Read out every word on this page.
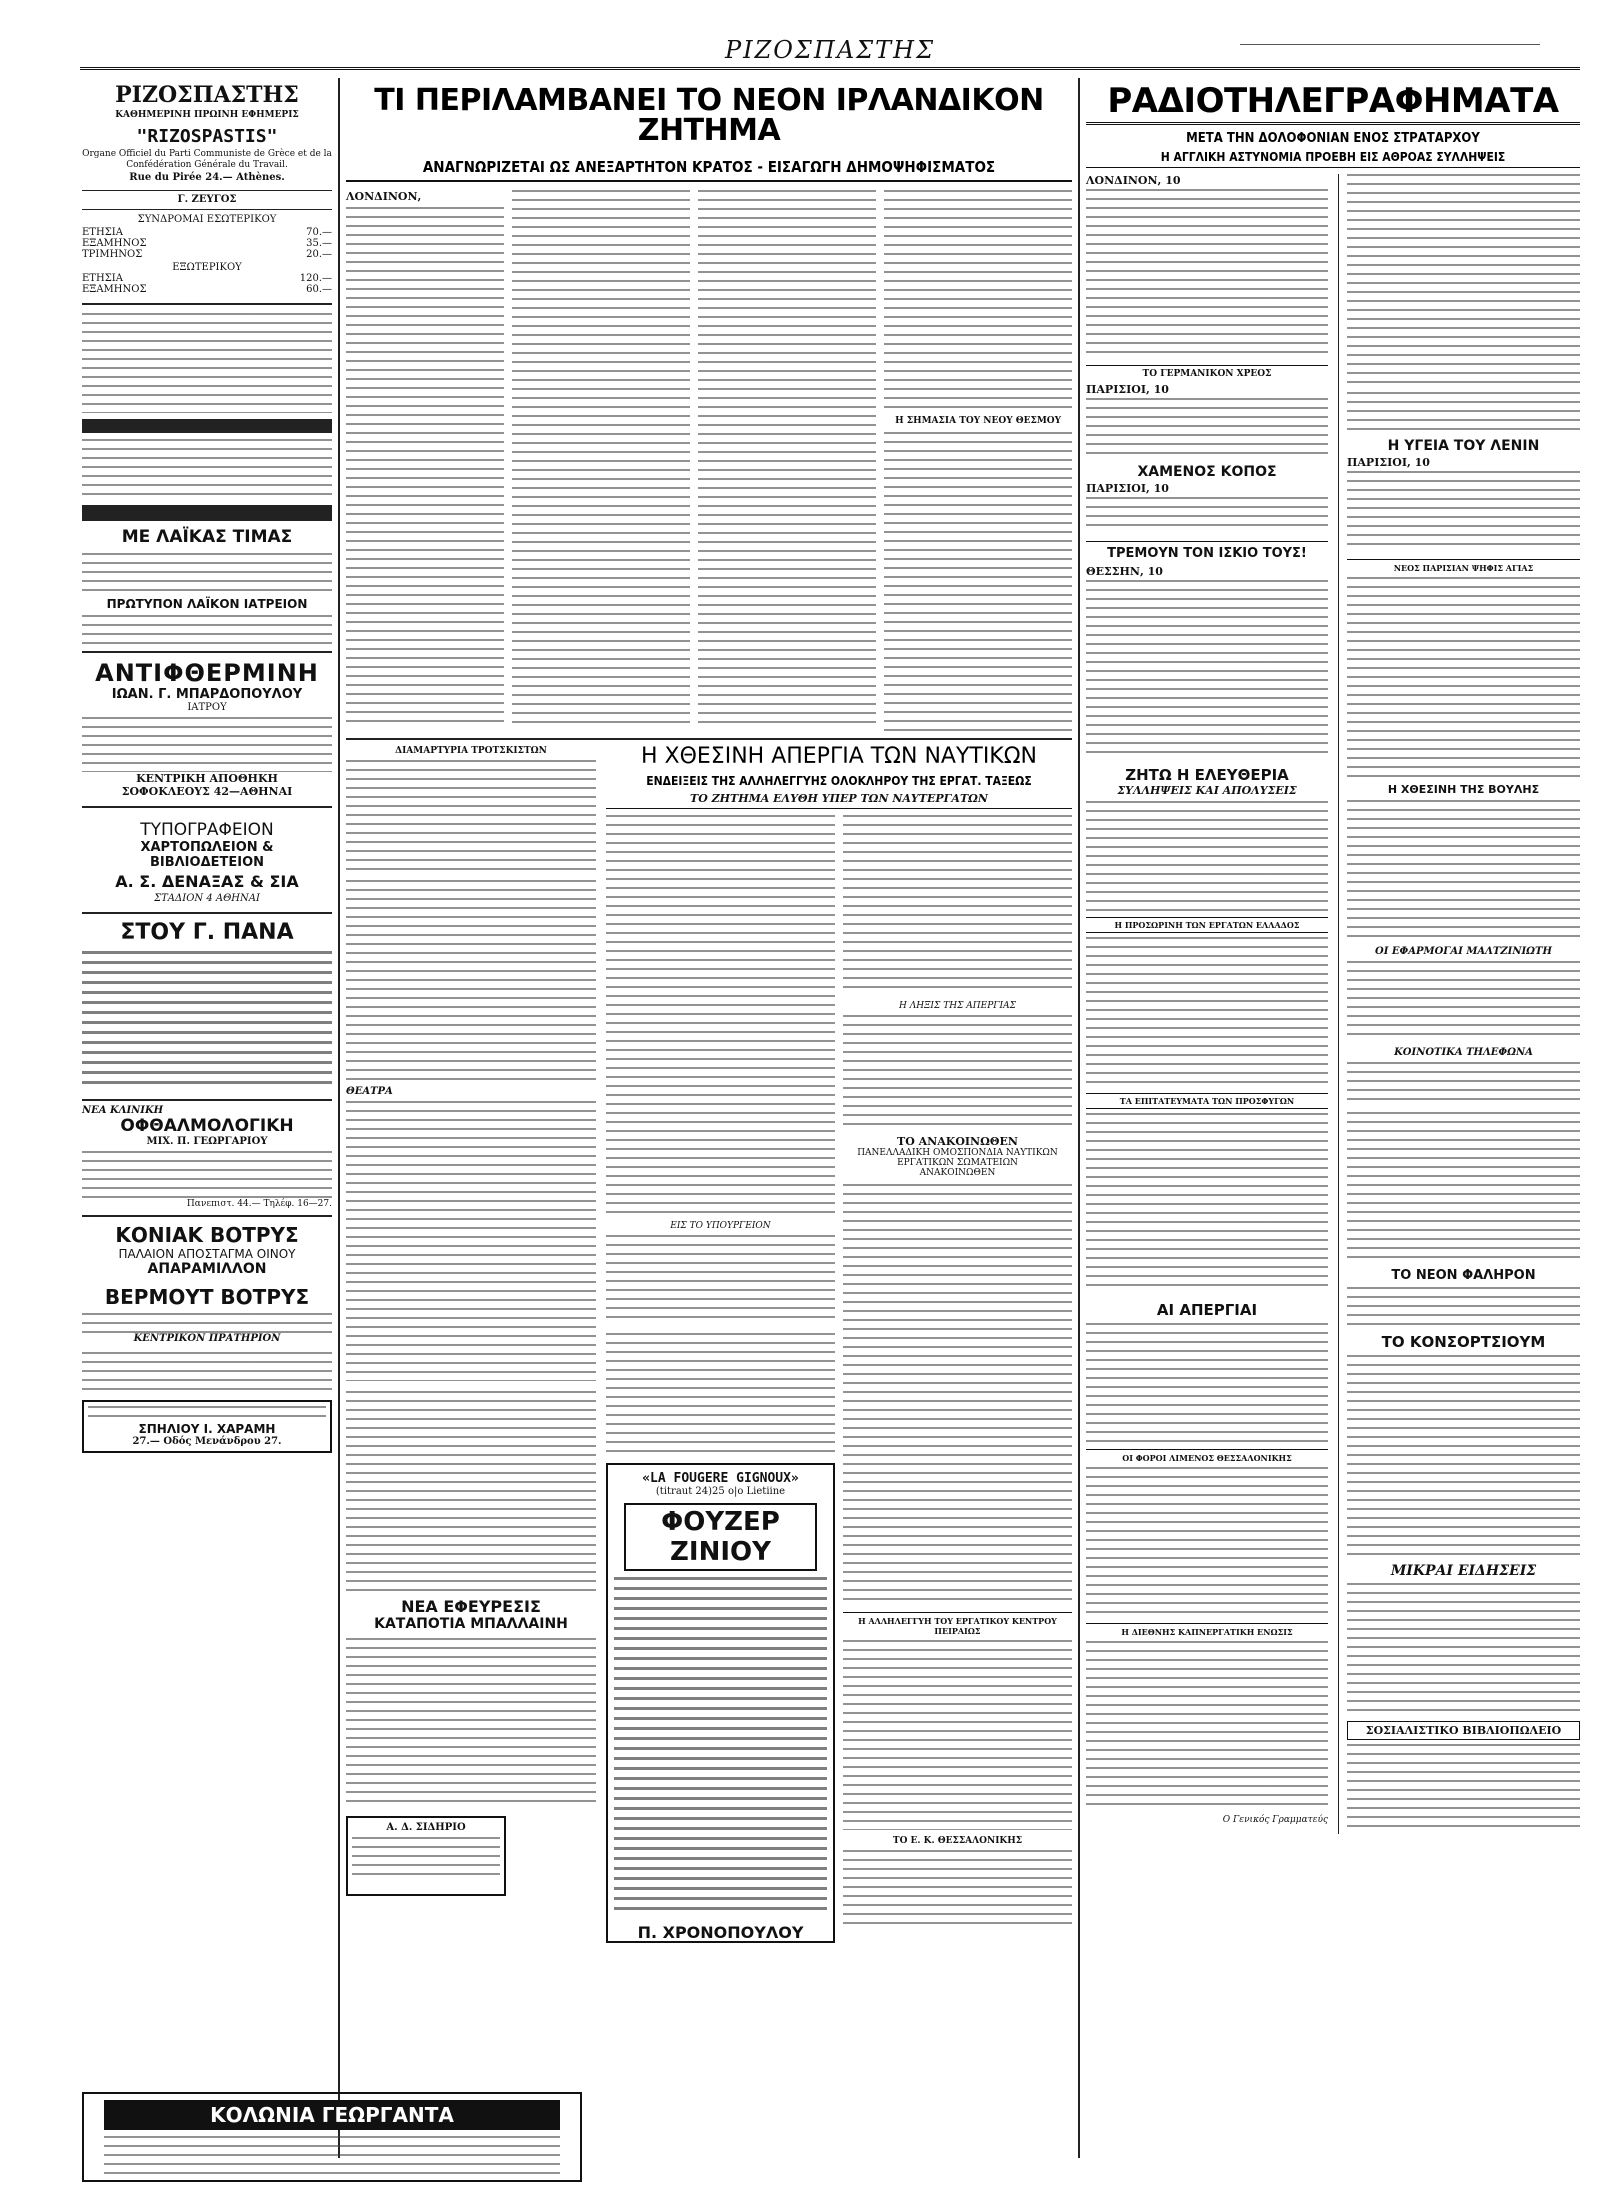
ΡΙΖΟΣΠΑΣΤΗΣ
ΡΙΖΟΣΠΑΣΤΗΣ
ΚΑΘΗΜΕΡΙΝΗ ΠΡΩΙΝΗ ΕΦΗΜΕΡΙΣ
"RIZOSPASTIS"
Organe Officiel du Parti Communiste de Grèce et de la Confédération Générale du Travail.
Rue du Pirée 24.— Athènes.
Γ. ΖΕΥΓΟΣ
ΣΥΝΔΡΟΜΑΙ ΕΣΩΤΕΡΙΚΟΥ
ΕΤΗΣΙΑ	70.—
ΕΞΑΜΗΝΟΣ	35.—
ΤΡΙΜΗΝΟΣ	20.—
ΕΞΩΤΕΡΙΚΟΥ
ΕΤΗΣΙΑ	120.—
ΕΞΑΜΗΝΟΣ	60.—
ΜΕ ΛΑΪΚΑΣ ΤΙΜΑΣ
ΠΡΩΤΥΠΟΝ ΛΑΪΚΟΝ ΙΑΤΡΕΙΟΝ
ΑΝΤΙΦΘΕΡΜΙΝΗ
ΙΩΑΝ. Γ. ΜΠΑΡΔΟΠΟΥΛΟΥ
ΙΑΤΡΟΥ
ΚΕΝΤΡΙΚΗ ΑΠΟΘΗΚΗ
ΣΟΦΟΚΛΕΟΥΣ 42—ΑΘΗΝΑΙ
ΤΥΠΟΓΡΑΦΕΙΟΝ
ΧΑΡΤΟΠΩΛΕΙΟΝ & ΒΙΒΛΙΟΔΕΤΕΙΟΝ
Α. Σ. ΔΕΝΑΞΑΣ & ΣΙΑ
ΣΤΑΔΙΟΝ 4 ΑΘΗΝΑΙ
ΣΤΟΥ Γ. ΠΑΝΑ
ΝΕΑ ΚΛΙΝΙΚΗ
ΟΦΘΑΛΜΟΛΟΓΙΚΗ
ΜΙΧ. Π. ΓΕΩΡΓΑΡΙΟΥ
Πανεπιστ. 44.— Τηλέφ. 16—27.
ΚΟΝΙΑΚ ΒΟΤΡΥΣ
ΠΑΛΑΙΟΝ ΑΠΟΣΤΑΓΜΑ ΟΙΝΟΥ
ΑΠΑΡΑΜΙΛΛΟΝ
ΒΕΡΜΟΥΤ ΒΟΤΡΥΣ
ΚΕΝΤΡΙΚΟΝ ΠΡΑΤΗΡΙΟΝ
ΣΠΗΛΙΟΥ Ι. ΧΑΡΑΜΗ
27.— Οδός Μενάνδρου 27.
ΚΟΛΩΝΙΑ ΓΕΩΡΓΑΝΤΑ
ΤΙ ΠΕΡΙΛΑΜΒΑΝΕΙ ΤΟ ΝΕΟΝ ΙΡΛΑΝΔΙΚΟΝ ΖΗΤΗΜΑ
ΑΝΑΓΝΩΡΙΖΕΤΑΙ ΩΣ ΑΝΕΞΑΡΤΗΤΟΝ ΚΡΑΤΟΣ - ΕΙΣΑΓΩΓΗ ΔΗΜΟΨΗΦΙΣΜΑΤΟΣ
ΛΟΝΔΙΝΟΝ,
Η ΣΗΜΑΣΙΑ ΤΟΥ ΝΕΟΥ ΘΕΣΜΟΥ
ΔΙΑΜΑΡΤΥΡΙΑ ΤΡΟΤΣΚΙΣΤΩΝ
ΘΕΑΤΡΑ
ΝΕΑ ΕΦΕΥΡΕΣΙΣ
ΚΑΤΑΠΟΤΙΑ ΜΠΑΛΛΑΙΝΗ
Α. Δ. ΣΙΔΗΡΙΟ
Η ΧΘΕΣΙΝΗ ΑΠΕΡΓΙΑ ΤΩΝ ΝΑΥΤΙΚΩΝ
ΕΝΔΕΙΞΕΙΣ ΤΗΣ ΑΛΛΗΛΕΓΓΥΗΣ ΟΛΟΚΛΗΡΟΥ ΤΗΣ ΕΡΓΑΤ. ΤΑΞΕΩΣ
ΤΟ ΖΗΤΗΜΑ ΕΛΥΘΗ ΥΠΕΡ ΤΩΝ ΝΑΥΤΕΡΓΑΤΩΝ
ΕΙΣ ΤΟ ΥΠΟΥΡΓΕΙΟΝ
«LA FOUGERE GIGNOUX»
(titraut 24)25 o|o Lietiine
ΦΟΥΖΕΡ ΖΙΝΙΟΥ
Π. ΧΡΟΝΟΠΟΥΛΟΥ
Η ΛΗΞΙΣ ΤΗΣ ΑΠΕΡΓΙΑΣ
ΤΟ ΑΝΑΚΟΙΝΩΘΕΝ
ΠΑΝΕΛΛΑΔΙΚΗ ΟΜΟΣΠΟΝΔΙΑ ΝΑΥΤΙΚΩΝ ΕΡΓΑΤΙΚΩΝ ΣΩΜΑΤΕΙΩΝ
ΑΝΑΚΟΙΝΩΘΕΝ
Η ΑΛΛΗΛΕΓΓΥΗ ΤΟΥ ΕΡΓΑΤΙΚΟΥ ΚΕΝΤΡΟΥ ΠΕΙΡΑΙΩΣ
ΤΟ Ε. Κ. ΘΕΣΣΑΛΟΝΙΚΗΣ
ΡΑΔΙΟΤΗΛΕΓΡΑΦΗΜΑΤΑ
ΜΕΤΑ ΤΗΝ ΔΟΛΟΦΟΝΙΑΝ ΕΝΟΣ ΣΤΡΑΤΑΡΧΟΥ
Η ΑΓΓΛΙΚΗ ΑΣΤΥΝΟΜΙΑ ΠΡΟΕΒΗ ΕΙΣ ΑΘΡΟΑΣ ΣΥΛΛΗΨΕΙΣ
ΛΟΝΔΙΝΟΝ, 10
ΤΟ ΓΕΡΜΑΝΙΚΟΝ ΧΡΕΟΣ
ΠΑΡΙΣΙΟΙ, 10
ΧΑΜΕΝΟΣ ΚΟΠΟΣ
ΠΑΡΙΣΙΟΙ, 10
ΤΡΕΜΟΥΝ ΤΟΝ ΙΣΚΙΟ ΤΟΥΣ!
ΘΕΣΣΗΝ, 10
ΖΗΤΩ Η ΕΛΕΥΘΕΡΙΑ
ΣΥΛΛΗΨΕΙΣ ΚΑΙ ΑΠΟΛΥΣΕΙΣ
Η ΠΡΟΣΩΡΙΝΗ ΤΩΝ ΕΡΓΑΤΩΝ ΕΛΛΑΔΟΣ
ΤΑ ΕΠΙΤΑΤΕΥΜΑΤΑ ΤΩΝ ΠΡΟΣΦΥΓΩΝ
ΑΙ ΑΠΕΡΓΙΑΙ
ΟΙ ΦΟΡΟΙ ΛΙΜΕΝΟΣ ΘΕΣΣΑΛΟΝΙΚΗΣ
Η ΔΙΕΘΝΗΣ ΚΑΠΝΕΡΓΑΤΙΚΗ ΕΝΩΣΙΣ
Ο Γενικός Γραμματεύς
Η ΥΓΕΙΑ ΤΟΥ ΛΕΝΙΝ
ΠΑΡΙΣΙΟΙ, 10
ΝΕΟΣ ΠΑΡΙΣΙΑΝ ΨΗΦΙΣ ΑΓΙΑΣ
Η ΧΘΕΣΙΝΗ ΤΗΣ ΒΟΥΛΗΣ
ΟΙ ΕΦΑΡΜΟΓΑΙ ΜΑΛΤΖΙΝΙΩΤΗ
ΚΟΙΝΟΤΙΚΑ ΤΗΛΕΦΩΝΑ
ΤΟ ΝΕΟΝ ΦΑΛΗΡΟΝ
ΤΟ ΚΟΝΣΟΡΤΣΙΟΥΜ
ΜΙΚΡΑΙ ΕΙΔΗΣΕΙΣ
ΣΟΣΙΑΛΙΣΤΙΚΟ ΒΙΒΛΙΟΠΩΛΕΙΟ
